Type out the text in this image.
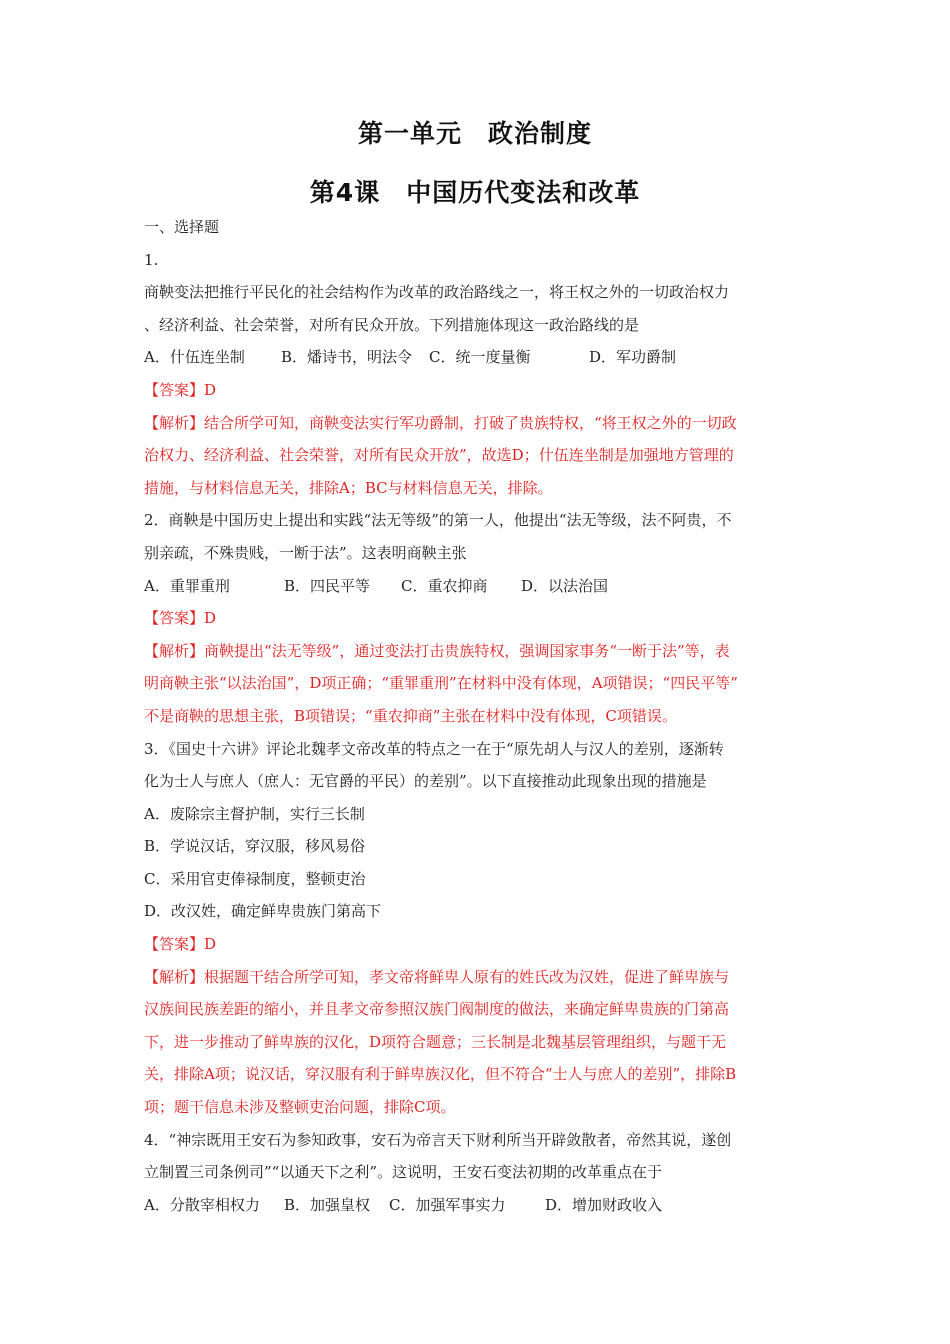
第一单元　政治制度
第4课　中国历代变法和改革
一、选择题
1.
商鞅变法把推行平民化的社会结构作为改革的政治路线之一，将王权之外的一切政治权力
、经济利益、社会荣誉，对所有民众开放。下列措施体现这一政治路线的是
A．什伍连坐制 B．燔诗书，明法令 C．统一度量衡	D．军功爵制
【答案】D
【解析】结合所学可知，商鞅变法实行军功爵制，打破了贵族特权，“将王权之外的一切政
治权力、经济利益、社会荣誉，对所有民众开放”，故选D；什伍连坐制是加强地方管理的
措施，与材料信息无关，排除A；BC与材料信息无关，排除。
2．商鞅是中国历史上提出和实践“法无等级”的第一人，他提出“法无等级，法不阿贵，不
别亲疏，不殊贵贱，一断于法”。这表明商鞅主张
A．重罪重刑	B．四民平等 C．重农抑商 D．以法治国
【答案】D
【解析】商鞅提出“法无等级”，通过变法打击贵族特权，强调国家事务“一断于法”等，表
明商鞅主张“以法治国”，D项正确；“重罪重刑”在材料中没有体现，A项错误；“四民平等”
不是商鞅的思想主张，B项错误；“重农抑商”主张在材料中没有体现，C项错误。
3．《国史十六讲》评论北魏孝文帝改革的特点之一在于“原先胡人与汉人的差别，逐渐转
化为士人与庶人（庶人：无官爵的平民）的差别”。以下直接推动此现象出现的措施是
A．废除宗主督护制，实行三长制
B．学说汉话，穿汉服，移风易俗
C．采用官吏俸禄制度，整顿吏治
D．改汉姓，确定鲜卑贵族门第高下
【答案】D
【解析】根据题干结合所学可知，孝文帝将鲜卑人原有的姓氏改为汉姓，促进了鲜卑族与
汉族间民族差距的缩小，并且孝文帝参照汉族门阀制度的做法，来确定鲜卑贵族的门第高
下，进一步推动了鲜卑族的汉化，D项符合题意；三长制是北魏基层管理组织，与题干无
关，排除A项；说汉话，穿汉服有利于鲜卑族汉化，但不符合“士人与庶人的差别”，排除B
项；题干信息未涉及整顿吏治问题，排除C项。
4．“神宗既用王安石为参知政事，安石为帝言天下财利所当开辟敛散者，帝然其说，遂创
立制置三司条例司”“以通天下之利”。这说明，王安石变法初期的改革重点在于
A．分散宰相权力 B．加强皇权 C．加强军事实力	D．增加财政收入
